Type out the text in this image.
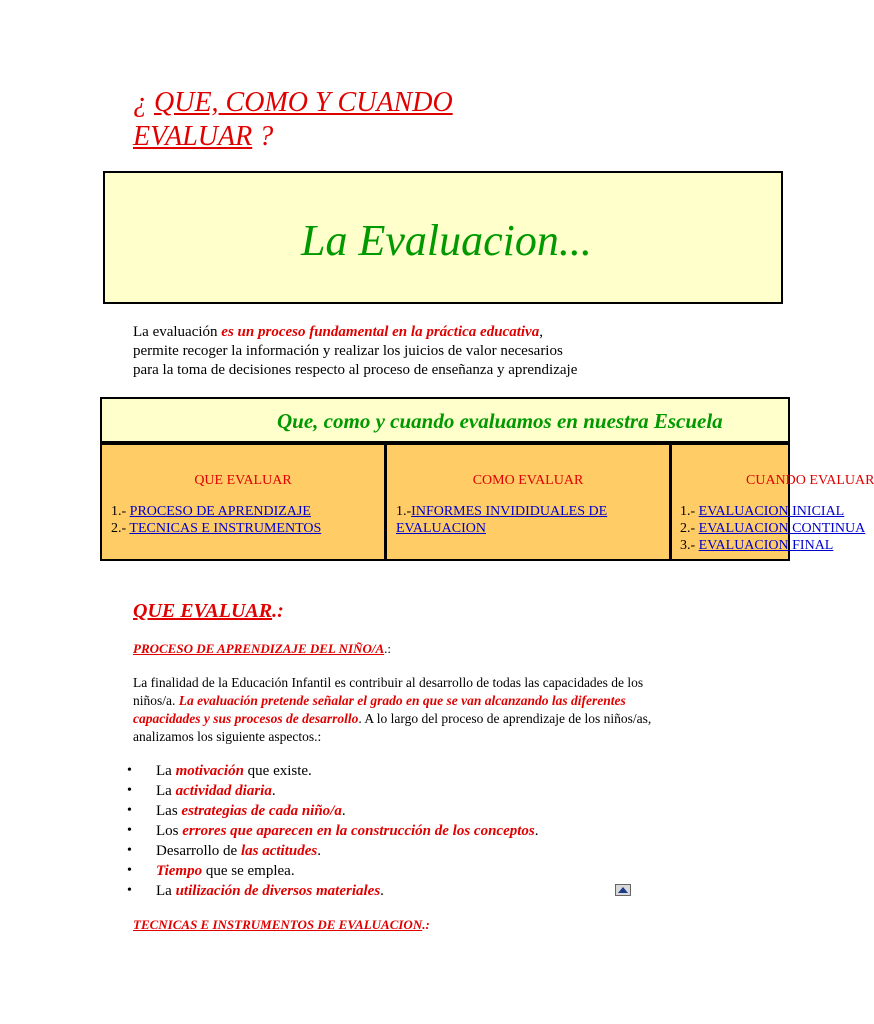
¿ QUE, COMO Y CUANDO
EVALUAR ?
La Evaluacion...
La evaluación es un proceso fundamental en la práctica educativa,
permite recoger la información y realizar los juicios de valor necesarios
para la toma de decisiones respecto al proceso de enseñanza y aprendizaje
Que, como y cuando evaluamos en nuestra Escuela
QUE EVALUAR
1.- PROCESO DE APRENDIZAJE
2.- TECNICAS E INSTRUMENTOS
COMO EVALUAR
1.-INFORMES INVIDIDUALES DE
EVALUACION
CUANDO EVALUAR
1.- EVALUACION INICIAL
2.- EVALUACION CONTINUA
3.- EVALUACION FINAL
QUE EVALUAR.:
PROCESO DE APRENDIZAJE DEL NIÑO/A.:
La finalidad de la Educación Infantil es contribuir al desarrollo de todas las capacidades de los niños/a. La evaluación pretende señalar el grado en que se van alcanzando las diferentes capacidades y sus procesos de desarrollo. A lo largo del proceso de aprendizaje de los niños/as, analizamos los siguiente aspectos.:
• La motivación que existe.
• La actividad diaria.
• Las estrategias de cada niño/a.
• Los errores que aparecen en la construcción de los conceptos.
• Desarrollo de las actitudes.
• Tiempo que se emplea.
• La utilización de diversos materiales.
TECNICAS E INSTRUMENTOS DE EVALUACION.:
